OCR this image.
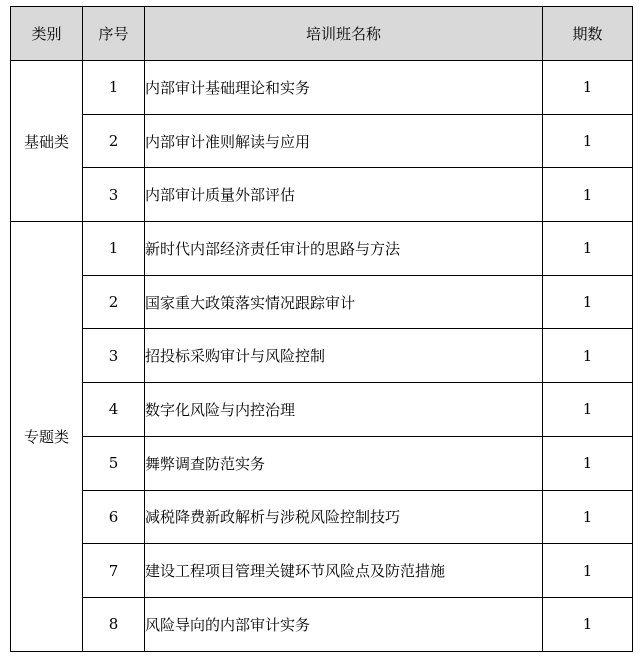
类别	序号	培训班名称	期数
基础类	1	内部审计基础理论和实务	1
	2	内部审计准则解读与应用	1
	3	内部审计质量外部评估	1
专题类	1	新时代内部经济责任审计的思路与方法	1
	2	国家重大政策落实情况跟踪审计	1
	3	招投标采购审计与风险控制	1
	4	数字化风险与内控治理	1
	5	舞弊调查防范实务	1
	6	减税降费新政解析与涉税风险控制技巧	1
	7	建设工程项目管理关键环节风险点及防范措施	1
	8	风险导向的内部审计实务	1
